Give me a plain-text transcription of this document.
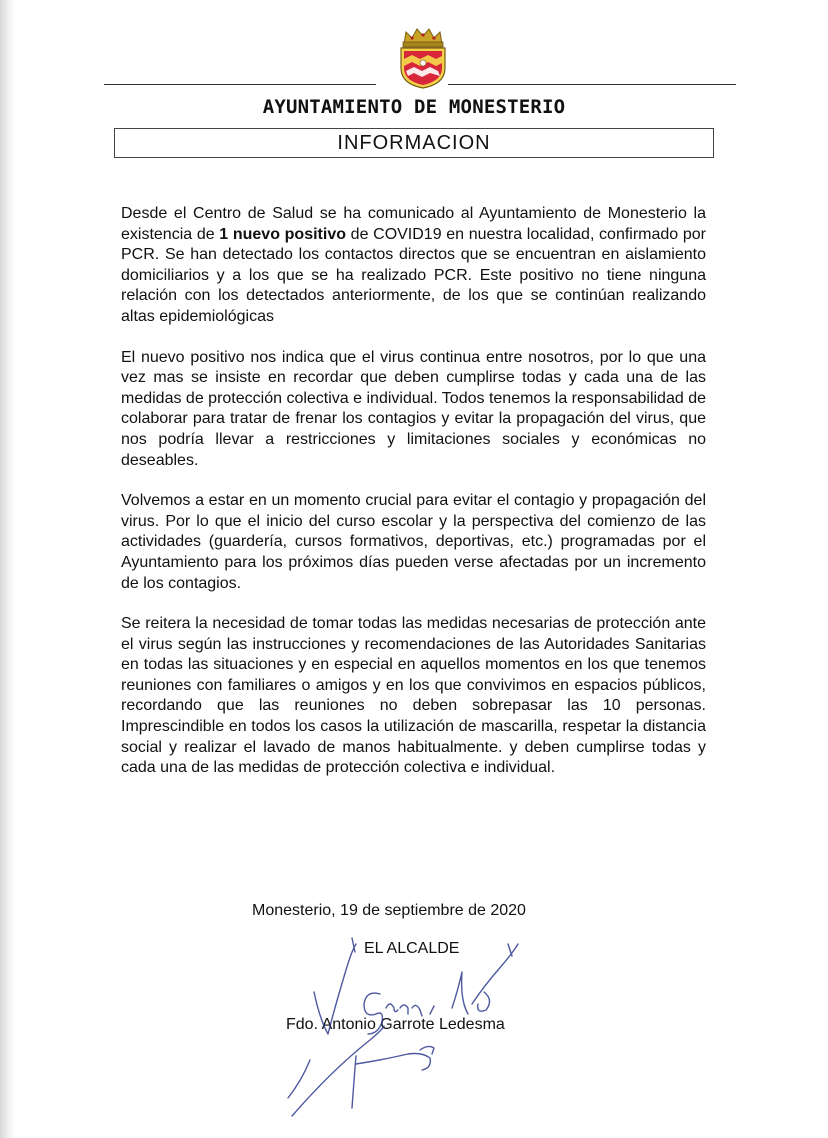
AYUNTAMIENTO DE MONESTERIO
INFORMACION

Desde el Centro de Salud se ha comunicado al Ayuntamiento de Monesterio la existencia de 1 nuevo positivo de COVID19 en nuestra localidad, confirmado por PCR. Se han detectado los contactos directos que se encuentran en aislamiento domiciliarios y a los que se ha realizado PCR. Este positivo no tiene ninguna relación con los detectados anteriormente, de los que se continúan realizando altas epidemiológicas

El nuevo positivo nos indica que el virus continua entre nosotros, por lo que una vez mas se insiste en recordar que deben cumplirse todas y cada una de las medidas de protección colectiva e individual. Todos tenemos la responsabilidad de colaborar para tratar de frenar los contagios y evitar la propagación del virus, que nos podría llevar a restricciones y limitaciones sociales y económicas no deseables.

Volvemos a estar en un momento crucial para evitar el contagio y propagación del virus. Por lo que el inicio del curso escolar y la perspectiva del comienzo de las actividades (guardería, cursos formativos, deportivas, etc.) programadas por el Ayuntamiento para los próximos días pueden verse afectadas por un incremento de los contagios.

Se reitera la necesidad de tomar todas las medidas necesarias de protección ante el virus según las instrucciones y recomendaciones de las Autoridades Sanitarias en todas las situaciones y en especial en aquellos momentos en los que tenemos reuniones con familiares o amigos y en los que convivimos en espacios públicos, recordando que las reuniones no deben sobrepasar las 10 personas. Imprescindible en todos los casos la utilización de mascarilla, respetar la distancia social y realizar el lavado de manos habitualmente. y deben cumplirse todas y cada una de las medidas de protección colectiva e individual.

Monesterio, 19 de septiembre de 2020
EL ALCALDE
Fdo. Antonio Garrote Ledesma
